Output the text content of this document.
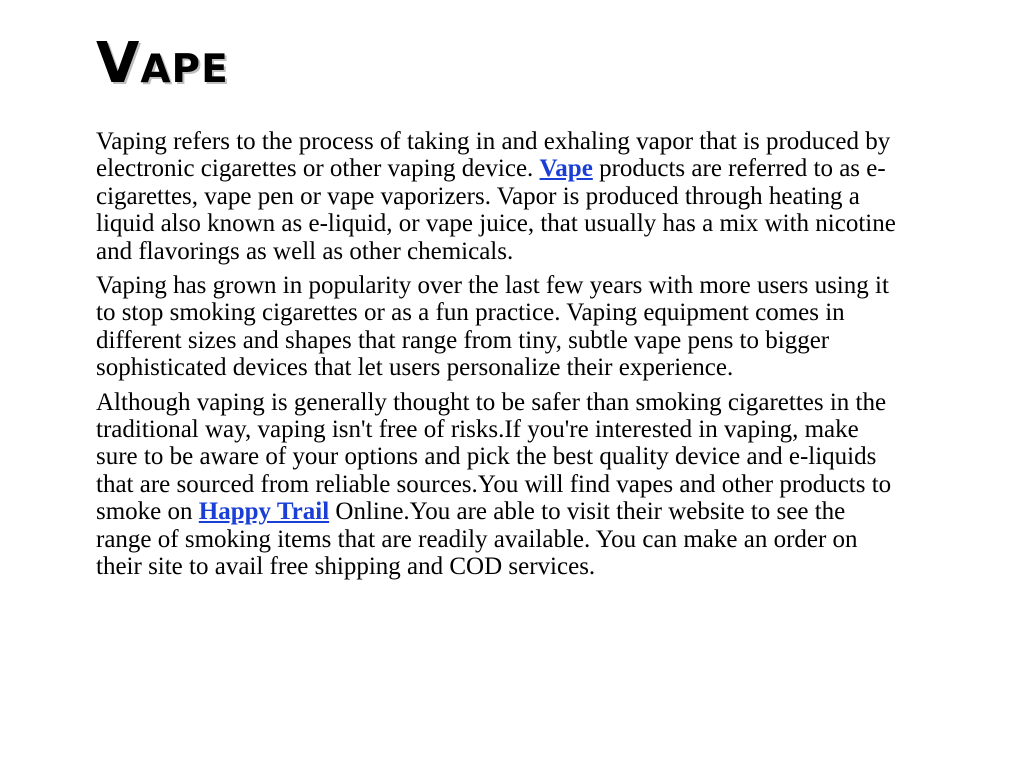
Vape

Vaping refers to the process of taking in and exhaling vapor that is produced by electronic cigarettes or other vaping device. Vape products are referred to as e-cigarettes, vape pen or vape vaporizers. Vapor is produced through heating a liquid also known as e-liquid, or vape juice, that usually has a mix with nicotine and flavorings as well as other chemicals.

Vaping has grown in popularity over the last few years with more users using it to stop smoking cigarettes or as a fun practice. Vaping equipment comes in different sizes and shapes that range from tiny, subtle vape pens to bigger sophisticated devices that let users personalize their experience.

Although vaping is generally thought to be safer than smoking cigarettes in the traditional way, vaping isn't free of risks.If you're interested in vaping, make sure to be aware of your options and pick the best quality device and e-liquids that are sourced from reliable sources.You will find vapes and other products to smoke on Happy Trail Online.You are able to visit their website to see the range of smoking items that are readily available. You can make an order on their site to avail free shipping and COD services.
